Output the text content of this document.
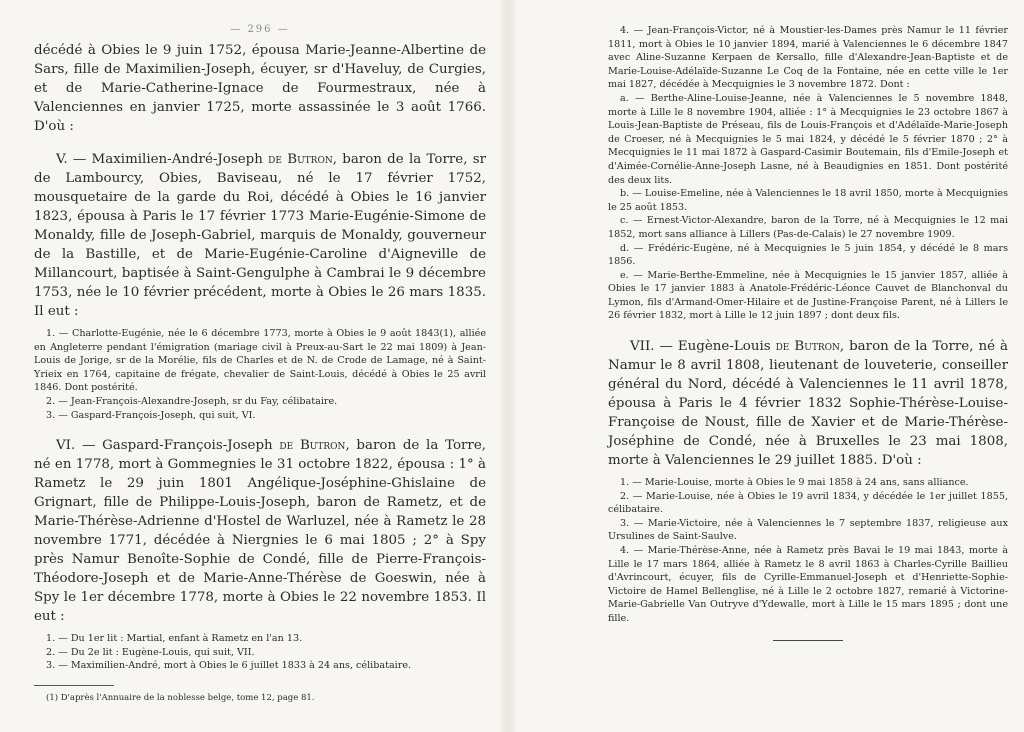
— 296 —

décédé à Obies le 9 juin 1752, épousa Marie-Jeanne-Albertine de Sars, fille de Maximilien-Joseph, écuyer, sr d'Haveluy, de Curgies, et de Marie-Catherine-Ignace de Fourmestraux, née à Valenciennes en janvier 1725, morte assassinée le 3 août 1766. D'où :

V. — Maximilien-André-Joseph de Butron, baron de la Torre, sr de Lambourcy, Obies, Baviseau, né le 17 février 1752, mousquetaire de la garde du Roi, décédé à Obies le 16 janvier 1823, épousa à Paris le 17 février 1773 Marie-Eugénie-Simone de Monaldy, fille de Joseph-Gabriel, marquis de Monaldy, gouverneur de la Bastille, et de Marie-Eugénie-Caroline d'Aigneville de Millancourt, baptisée à Saint-Gengulphe à Cambrai le 9 décembre 1753, née le 10 février précédent, morte à Obies le 26 mars 1835. Il eut :

1. — Charlotte-Eugénie, née le 6 décembre 1773, morte à Obies le 9 août 1843(1), alliée en Angleterre pendant l'émigration (mariage civil à Preux-au-Sart le 22 mai 1809) à Jean-Louis de Jorige, sr de la Morélie, fils de Charles et de N. de Crode de Lamage, né à Saint-Yrieix en 1764, capitaine de frégate, chevalier de Saint-Louis, décédé à Obies le 25 avril 1846. Dont postérité.

2. — Jean-François-Alexandre-Joseph, sr du Fay, célibataire.

3. — Gaspard-François-Joseph, qui suit, VI.

VI. — Gaspard-François-Joseph de Butron, baron de la Torre, né en 1778, mort à Gommegnies le 31 octobre 1822, épousa : 1° à Rametz le 29 juin 1801 Angélique-Joséphine-Ghislaine de Grignart, fille de Philippe-Louis-Joseph, baron de Rametz, et de Marie-Thérèse-Adrienne d'Hostel de Warluzel, née à Rametz le 28 novembre 1771, décédée à Niergnies le 6 mai 1805 ; 2° à Spy près Namur Benoîte-Sophie de Condé, fille de Pierre-François-Théodore-Joseph et de Marie-Anne-Thérèse de Goeswin, née à Spy le 1er décembre 1778, morte à Obies le 22 novembre 1853. Il eut :

1. — Du 1er lit : Martial, enfant à Rametz en l'an 13.

2. — Du 2e lit : Eugène-Louis, qui suit, VII.

3. — Maximilien-André, mort à Obies le 6 juillet 1833 à 24 ans, célibataire.

(1) D'après l'Annuaire de la noblesse belge, tome 12, page 81.

4. — Jean-François-Victor, né à Moustier-les-Dames près Namur le 11 février 1811, mort à Obies le 10 janvier 1894, marié à Valenciennes le 6 décembre 1847 avec Aline-Suzanne Kerpaen de Kersallo, fille d'Alexandre-Jean-Baptiste et de Marie-Louise-Adélaïde-Suzanne Le Coq de la Fontaine, née en cette ville le 1er mai 1827, décédée à Mecquignies le 3 novembre 1872. Dont :

a. — Berthe-Aline-Louise-Jeanne, née à Valenciennes le 5 novembre 1848, morte à Lille le 8 novembre 1904, alliée : 1° à Mecquignies le 23 octobre 1867 à Louis-Jean-Baptiste de Préseau, fils de Louis-François et d'Adélaïde-Marie-Joseph de Croeser, né à Mecquignies le 5 mai 1824, y décédé le 5 février 1870 ; 2° à Mecquignies le 11 mai 1872 à Gaspard-Casimir Boutemain, fils d'Emile-Joseph et d'Aimée-Cornélie-Anne-Joseph Lasne, né à Beaudignies en 1851. Dont postérité des deux lits.

b. — Louise-Emeline, née à Valenciennes le 18 avril 1850, morte à Mecquignies le 25 août 1853.

c. — Ernest-Victor-Alexandre, baron de la Torre, né à Mecquignies le 12 mai 1852, mort sans alliance à Lillers (Pas-de-Calais) le 27 novembre 1909.

d. — Frédéric-Eugène, né à Mecquignies le 5 juin 1854, y décédé le 8 mars 1856.

e. — Marie-Berthe-Emmeline, née à Mecquignies le 15 janvier 1857, alliée à Obies le 17 janvier 1883 à Anatole-Frédéric-Léonce Cauvet de Blanchonval du Lymon, fils d'Armand-Omer-Hilaire et de Justine-Françoise Parent, né à Lillers le 26 février 1832, mort à Lille le 12 juin 1897 ; dont deux fils.

VII. — Eugène-Louis de Butron, baron de la Torre, né à Namur le 8 avril 1808, lieutenant de louveterie, conseiller général du Nord, décédé à Valenciennes le 11 avril 1878, épousa à Paris le 4 février 1832 Sophie-Thérèse-Louise-Françoise de Noust, fille de Xavier et de Marie-Thérèse-Joséphine de Condé, née à Bruxelles le 23 mai 1808, morte à Valenciennes le 29 juillet 1885. D'où :

1. — Marie-Louise, morte à Obies le 9 mai 1858 à 24 ans, sans alliance.

2. — Marie-Louise, née à Obies le 19 avril 1834, y décédée le 1er juillet 1855, célibataire.

3. — Marie-Victoire, née à Valenciennes le 7 septembre 1837, religieuse aux Ursulines de Saint-Saulve.

4. — Marie-Thérèse-Anne, née à Rametz près Bavai le 19 mai 1843, morte à Lille le 17 mars 1864, alliée à Rametz le 8 avril 1863 à Charles-Cyrille Baillieu d'Avrincourt, écuyer, fils de Cyrille-Emmanuel-Joseph et d'Henriette-Sophie-Victoire de Hamel Bellenglise, né à Lille le 2 octobre 1827, remarié à Victorine-Marie-Gabrielle Van Outryve d'Ydewalle, mort à Lille le 15 mars 1895 ; dont une fille.
